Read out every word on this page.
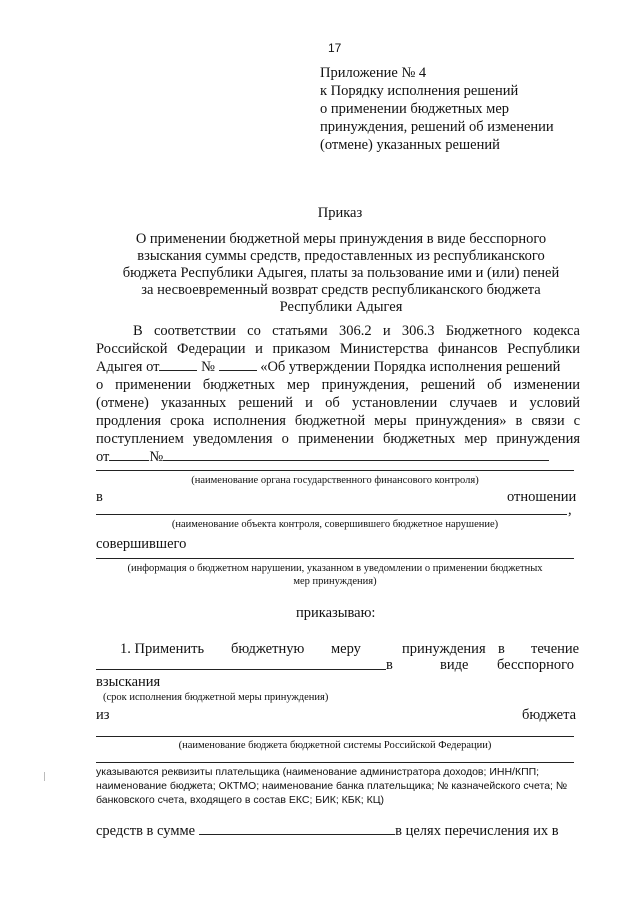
17
Приложение № 4
к Порядку исполнения решений
о применении бюджетных мер
принуждения, решений об изменении
(отмене) указанных решений
Приказ
О применении бюджетной меры принуждения в виде бесспорного
взыскания суммы средств, предоставленных из республиканского
бюджета Республики Адыгея, платы за пользование ими и (или) пеней
за несвоевременный возврат средств республиканского бюджета
Республики Адыгея
В соответствии со статьями 306.2 и 306.3 Бюджетного кодекса
Российской Федерации и приказом Министерства финансов Республики
Адыгея от	№	«Об утверждении Порядка исполнения решений
о применении бюджетных мер принуждения, решений об изменении
(отмене) указанных решений и об установлении случаев и условий
продления срока исполнения бюджетной меры принуждения» в связи с
поступлением уведомления о применении бюджетных мер принуждения
от	№
(наименование органа государственного финансового контроля)
в	отношении
,
(наименование объекта контроля, совершившего бюджетное нарушение)
совершившего
(информация о бюджетном нарушении, указанном в уведомлении о применении бюджетных
мер принуждения)
приказываю:
1. Применить бюджетную меру	принуждения в течение
в	виде бесспорного
взыскания
(срок исполнения бюджетной меры принуждения)
из	бюджета
(наименование бюджета бюджетной системы Российской Федерации)
указываются реквизиты плательщика (наименование администратора доходов; ИНН/КПП;
наименование бюджета; ОКТМО; наименование банка плательщика; № казначейского счета; №
банковского счета, входящего в состав ЕКС; БИК; КБК; КЦ)
средств в сумме	в целях перечисления их в
